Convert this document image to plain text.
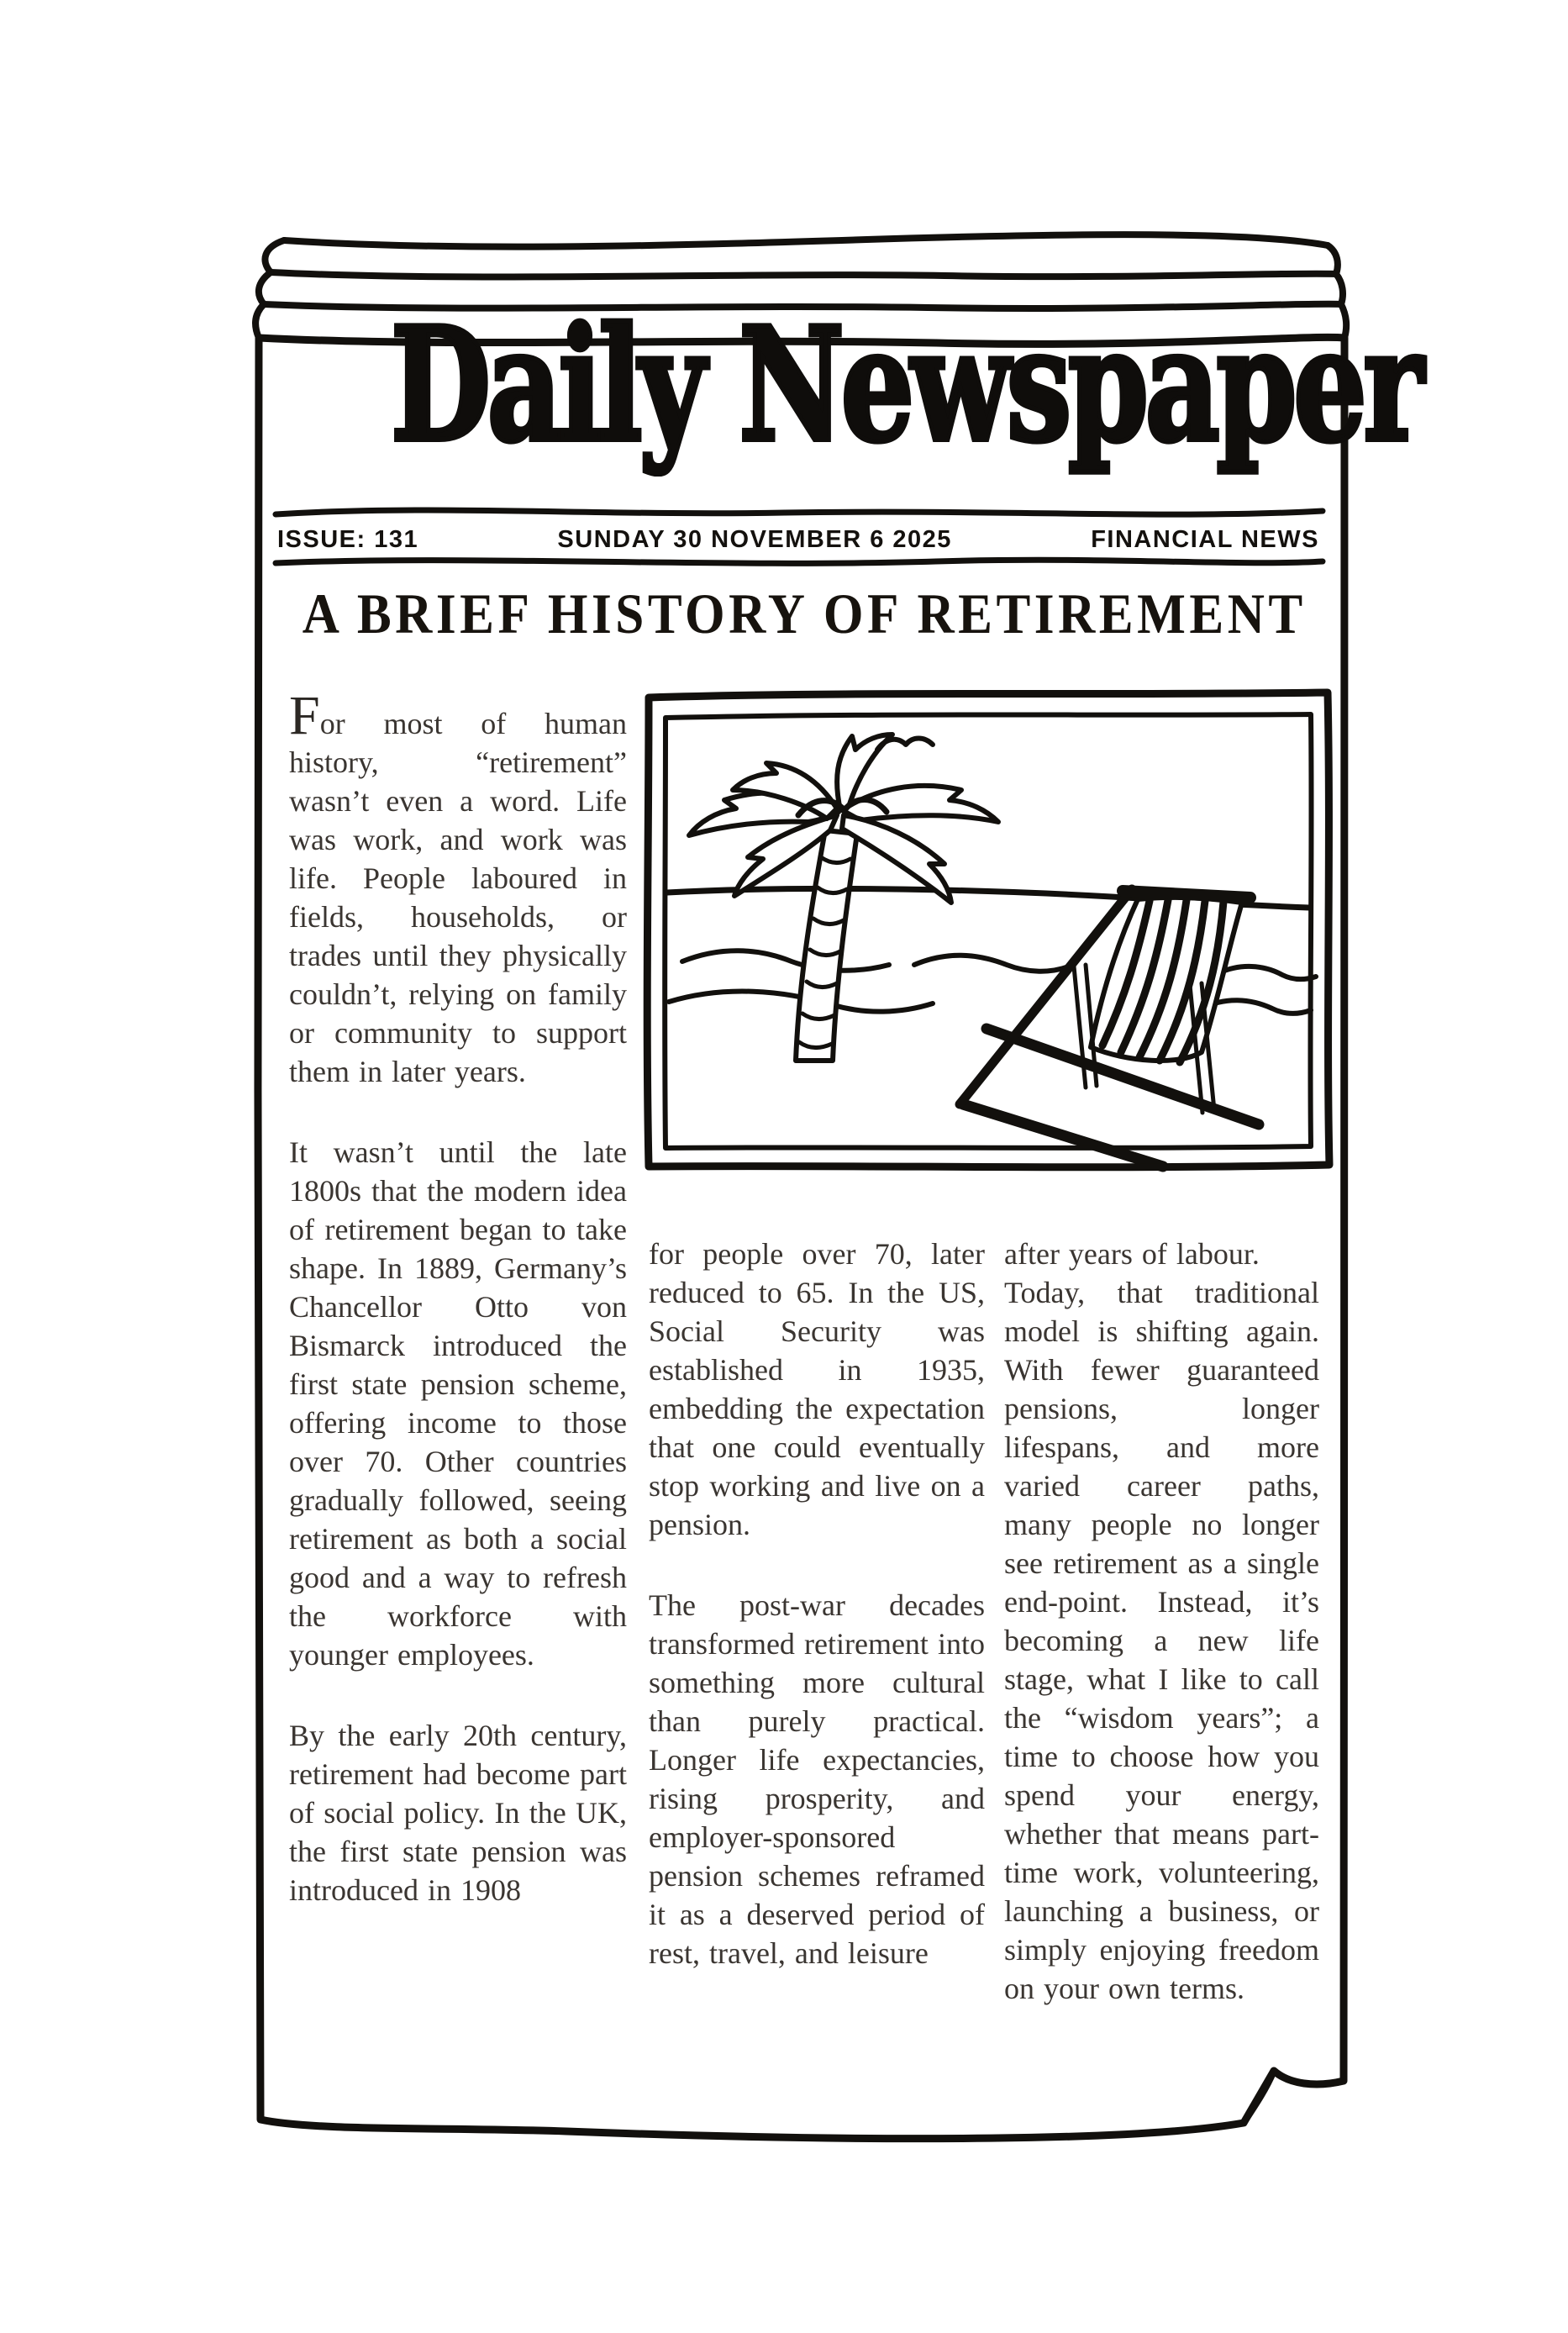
Daily Newspaper
ISSUE: 131	SUNDAY 30 NOVEMBER 6 2025	FINANCIAL NEWS
A BRIEF HISTORY OF RETIREMENT

For most of human history, “retirement” wasn’t even a word. Life was work, and work was life. People laboured in fields, households, or trades until they physically couldn’t, relying on family or community to support them in later years.

It wasn’t until the late 1800s that the modern idea of retirement began to take shape. In 1889, Germany’s Chancellor Otto von Bismarck introduced the first state pension scheme, offering income to those over 70. Other countries gradually followed, seeing retirement as both a social good and a way to refresh the workforce with younger employees.

By the early 20th century, retirement had become part of social policy. In the UK, the first state pension was introduced in 1908

for people over 70, later reduced to 65. In the US, Social Security was established in 1935, embedding the expectation that one could eventually stop working and live on a pension.

The post-war decades transformed retirement into something more cultural than purely practical. Longer life expectancies, rising prosperity, and employer-sponsored pension schemes reframed it as a deserved period of rest, travel, and leisure

after years of labour.

Today, that traditional model is shifting again. With fewer guaranteed pensions, longer lifespans, and more varied career paths, many people no longer see retirement as a single end-point. Instead, it’s becoming a new life stage, what I like to call the “wisdom years”; a time to choose how you spend your energy, whether that means part-time work, volunteering, launching a business, or simply enjoying freedom on your own terms.
